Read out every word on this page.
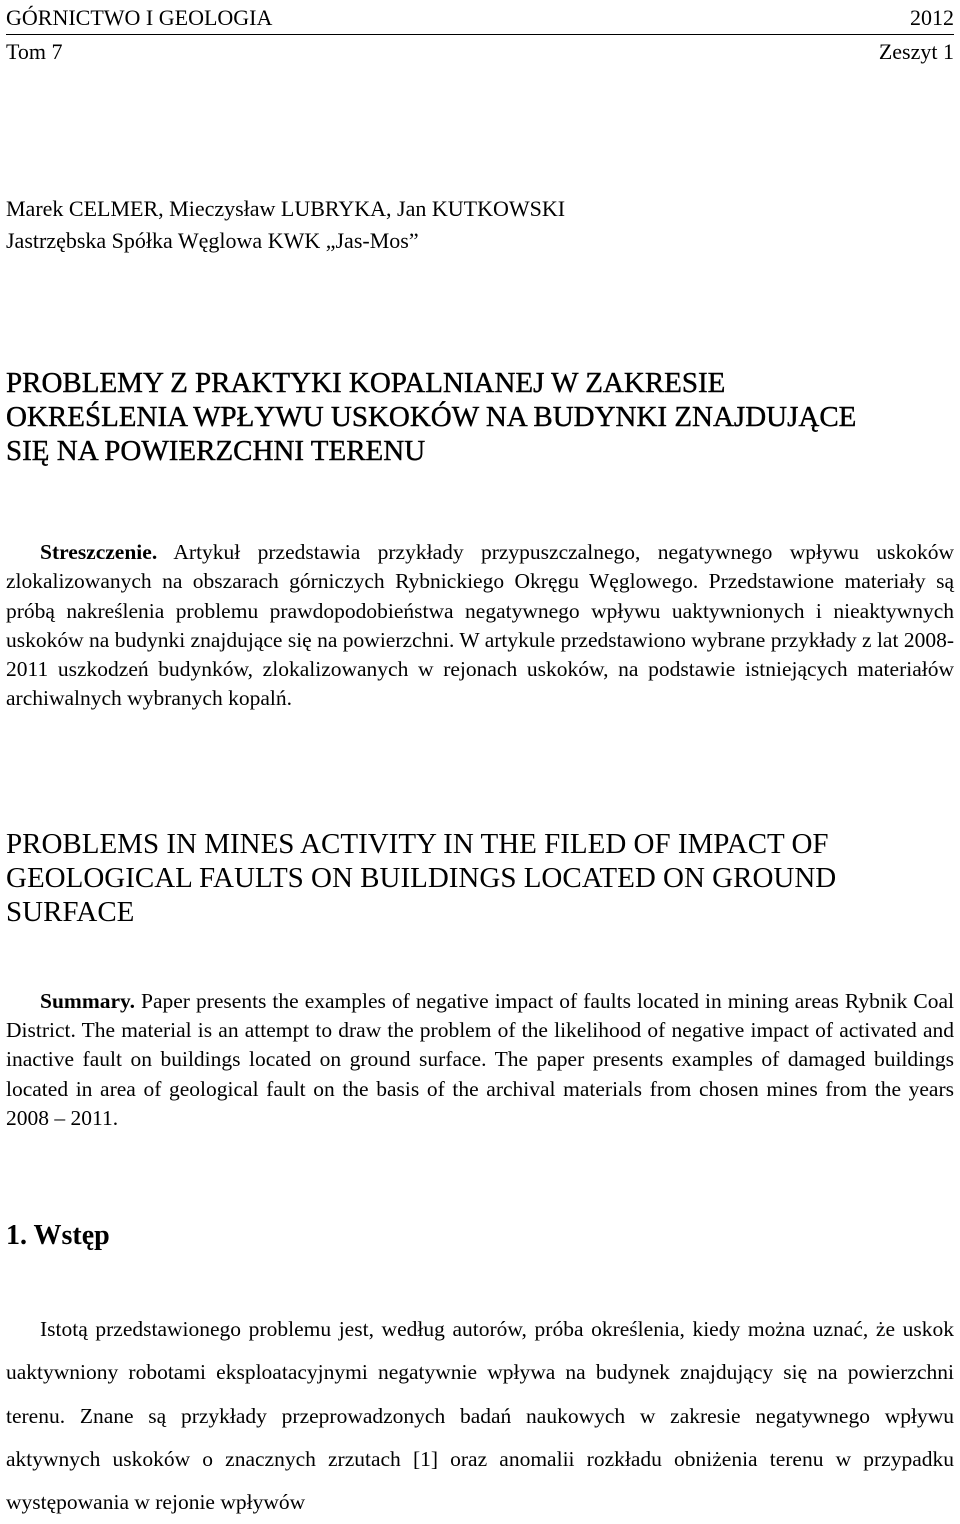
GÓRNICTWO I GEOLOGIA	2012
Tom 7	Zeszyt 1
Marek CELMER, Mieczysław LUBRYKA, Jan KUTKOWSKI
Jastrzębska Spółka Węglowa KWK „Jas-Mos”
PROBLEMY Z PRAKTYKI KOPALNIANEJ W ZAKRESIE
OKREŚLENIA WPŁYWU USKOKÓW NA BUDYNKI ZNAJDUJĄCE
SIĘ NA POWIERZCHNI TERENU

Streszczenie. Artykuł przedstawia przykłady przypuszczalnego, negatywnego wpływu uskoków zlokalizowanych na obszarach górniczych Rybnickiego Okręgu Węglowego. Przedstawione materiały są próbą nakreślenia problemu prawdopodobieństwa negatywnego wpływu uaktywnionych i nieaktywnych uskoków na budynki znajdujące się na powierzchni. W artykule przedstawiono wybrane przykłady z lat 2008-2011 uszkodzeń budynków, zlokalizowanych w rejonach uskoków, na podstawie istniejących materiałów archiwalnych wybranych kopalń.

PROBLEMS IN MINES ACTIVITY IN THE FILED OF IMPACT OF
GEOLOGICAL FAULTS ON BUILDINGS LOCATED ON GROUND
SURFACE

Summary. Paper presents the examples of negative impact of faults located in mining areas Rybnik Coal District. The material is an attempt to draw the problem of the likelihood of negative impact of activated and inactive fault on buildings located on ground surface. The paper presents examples of damaged buildings located in area of geological fault on the basis of the archival materials from chosen mines from the years 2008 – 2011.

1. Wstęp

Istotą przedstawionego problemu jest, według autorów, próba określenia, kiedy można uznać, że uskok uaktywniony robotami eksploatacyjnymi negatywnie wpływa na budynek znajdujący się na powierzchni terenu. Znane są przykłady przeprowadzonych badań naukowych w zakresie negatywnego wpływu aktywnych uskoków o znacznych zrzutach [1] oraz anomalii rozkładu obniżenia terenu w przypadku występowania w rejonie wpływów
